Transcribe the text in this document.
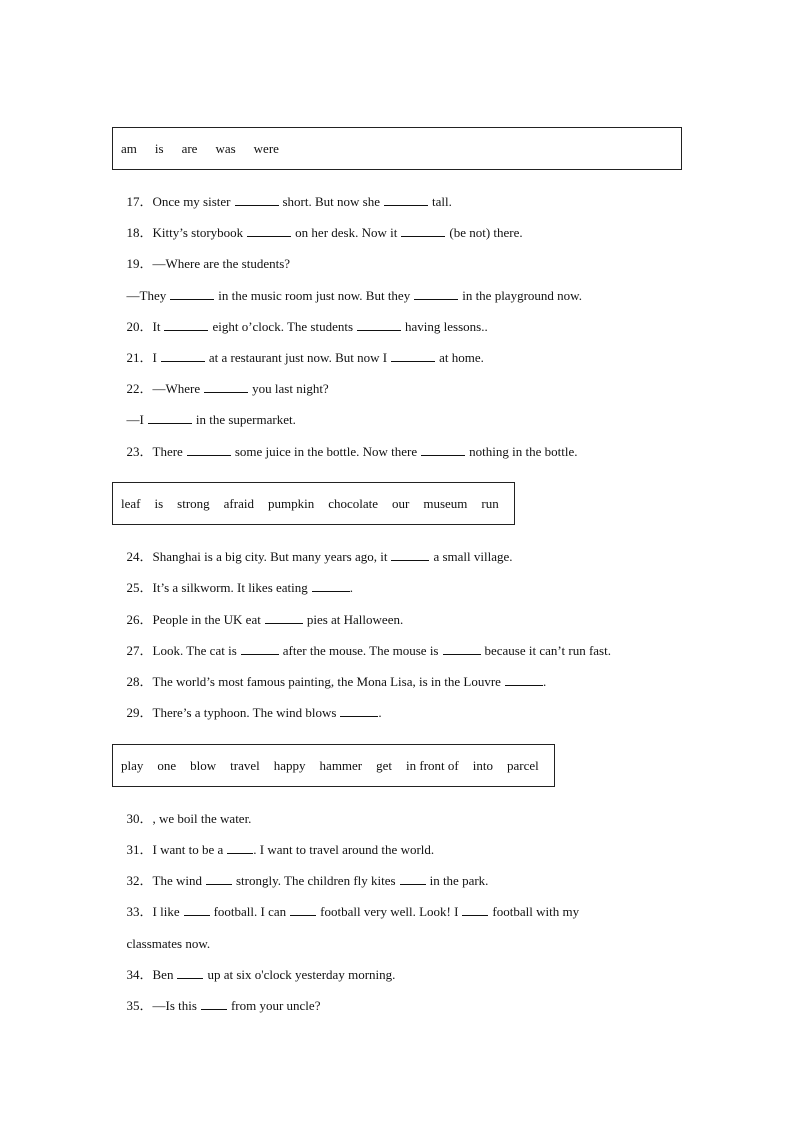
am is are was were

17．Once my sister	short. But now she	tall.

18．Kitty’s storybook	on her desk. Now it	(be not) there.

19．—Where are the students?

—They	in the music room just now. But they	in the playground now.

20．It	eight o’clock. The students	having lessons..

21．I	at a restaurant just now. But now I	at home.

22．—Where	you last night?

—I	in the supermarket.

23．There	some juice in the bottle. Now there	nothing in the bottle.

leaf is strong afraid pumpkin chocolate our museum run

24．Shanghai is a big city. But many years ago, it	a small village.

25．It’s a silkworm. It likes eating	.

26．People in the UK eat	pies at Halloween.

27．Look. The cat is	after the mouse. The mouse is	because it can’t run fast.

28．The world’s most famous painting, the Mona Lisa, is in the Louvre	.

29．There’s a typhoon. The wind blows	.

play one blow travel happy hammer get in front of into parcel

30．, we boil the water.

31．I want to be a . I want to travel around the world.

32．The wind	strongly. The children fly kites	in the park.

33．I like	football. I can	football very well. Look! I	football with my

classmates now.

34．Ben	up at six o'clock yesterday morning.

35．—Is this	from your uncle?
